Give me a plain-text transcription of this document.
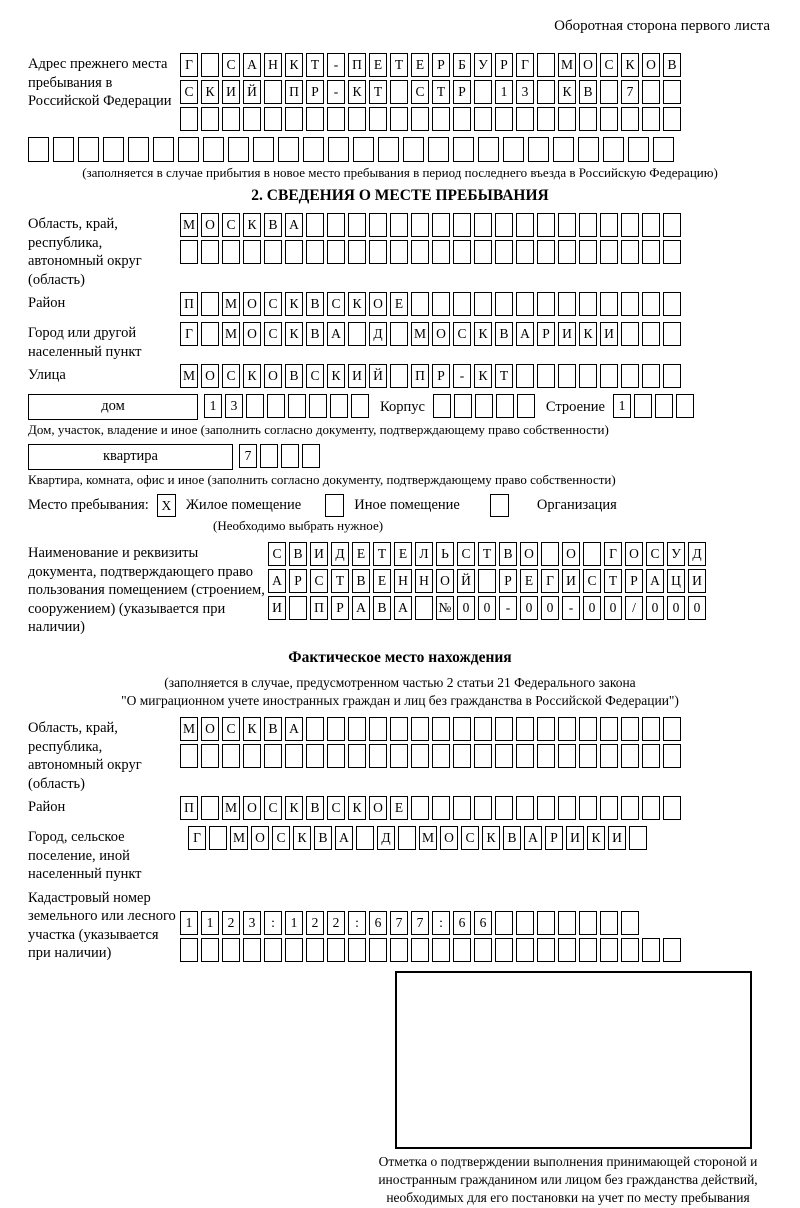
Оборотная сторона первого листа
Адрес прежнего места пребывания в Российской Федерации
Г	С А Н К Т	-	П Е Т Е Р Б У Р Г	М О С К О В
С К И Й	П Р	-	К Т	С Т Р	1	3	К В	7
(заполняется в случае прибытия в новое место пребывания в период последнего въезда в Российскую Федерацию)
2. СВЕДЕНИЯ О МЕСТЕ ПРЕБЫВАНИЯ
Область, край, республика, автономный округ (область)
М О С К В А
Район	П	М О С К В С К О Е
Город или другой населенный пункт
Г	М О С К В А	Д	М О С К В А Р И К И
Улица	М О С К О В С К И Й	П Р	-	К Т
дом	1	3	Корпус	Строение	1
Дом, участок, владение и иное (заполнить согласно документу, подтверждающему право собственности)
квартира	7
Квартира, комната, офис и иное (заполнить согласно документу, подтверждающему право собственности)
Место пребывания: X	Жилое помещение	Иное помещение	Организация
(Необходимо выбрать нужное)
Наименование и реквизиты документа, подтверждающего право пользования помещением (строением, сооружением) (указывается при наличии)
С В И Д Е Т Е Л Ь С Т В О	О	Г О С У Д
А Р С Т В Е Н Н О Й	Р Е Г И С Т Р А Ц И
И	П Р А В А	№ 0	0	-	0	0	-	0	0	/	0	0	0
Фактическое место нахождения
(заполняется в случае, предусмотренном частью 2 статьи 21 Федерального закона
"О миграционном учете иностранных граждан и лиц без гражданства в Российской Федерации")
Область, край, республика, автономный округ (область)
М О С К В А
Район	П	М О С К В С К О Е
Город, сельское поселение, иной населенный пункт
Г	М О С К В А	Д	М О С К В А Р И К И
Кадастровый номер земельного или лесного участка (указывается при наличии)
1	1	2	3	:	1	2	2	:	6	7	7	:	6	6
Отметка о подтверждении выполнения принимающей стороной и иностранным гражданином или лицом без гражданства действий, необходимых для его постановки на учет по месту пребывания
